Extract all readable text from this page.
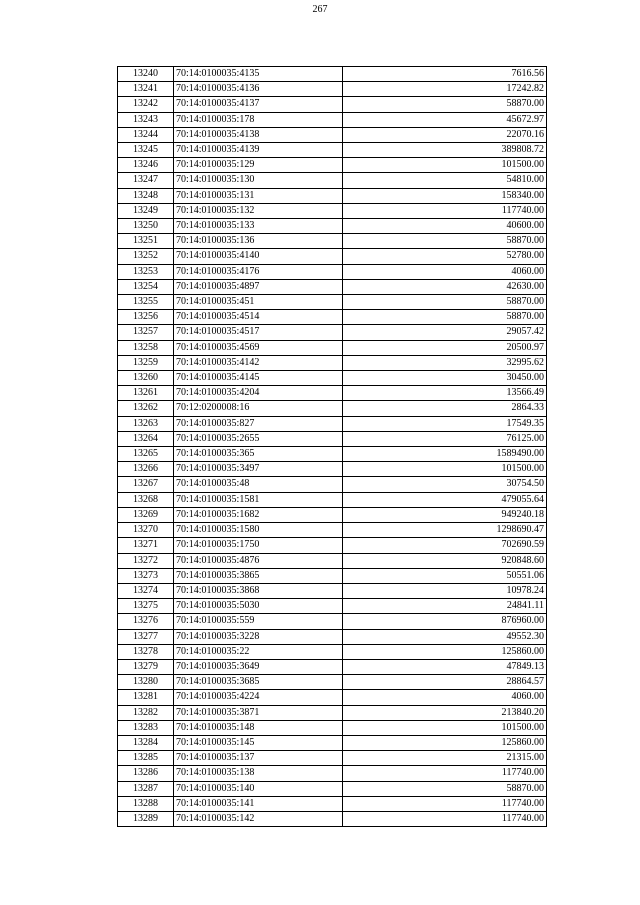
267
13240	70:14:0100035:4135	7616.56
13241	70:14:0100035:4136	17242.82
13242	70:14:0100035:4137	58870.00
13243	70:14:0100035:178	45672.97
13244	70:14:0100035:4138	22070.16
13245	70:14:0100035:4139	389808.72
13246	70:14:0100035:129	101500.00
13247	70:14:0100035:130	54810.00
13248	70:14:0100035:131	158340.00
13249	70:14:0100035:132	117740.00
13250	70:14:0100035:133	40600.00
13251	70:14:0100035:136	58870.00
13252	70:14:0100035:4140	52780.00
13253	70:14:0100035:4176	4060.00
13254	70:14:0100035:4897	42630.00
13255	70:14:0100035:451	58870.00
13256	70:14:0100035:4514	58870.00
13257	70:14:0100035:4517	29057.42
13258	70:14:0100035:4569	20500.97
13259	70:14:0100035:4142	32995.62
13260	70:14:0100035:4145	30450.00
13261	70:14:0100035:4204	13566.49
13262	70:12:0200008:16	2864.33
13263	70:14:0100035:827	17549.35
13264	70:14:0100035:2655	76125.00
13265	70:14:0100035:365	1589490.00
13266	70:14:0100035:3497	101500.00
13267	70:14:0100035:48	30754.50
13268	70:14:0100035:1581	479055.64
13269	70:14:0100035:1682	949240.18
13270	70:14:0100035:1580	1298690.47
13271	70:14:0100035:1750	702690.59
13272	70:14:0100035:4876	920848.60
13273	70:14:0100035:3865	50551.06
13274	70:14:0100035:3868	10978.24
13275	70:14:0100035:5030	24841.11
13276	70:14:0100035:559	876960.00
13277	70:14:0100035:3228	49552.30
13278	70:14:0100035:22	125860.00
13279	70:14:0100035:3649	47849.13
13280	70:14:0100035:3685	28864.57
13281	70:14:0100035:4224	4060.00
13282	70:14:0100035:3871	213840.20
13283	70:14:0100035:148	101500.00
13284	70:14:0100035:145	125860.00
13285	70:14:0100035:137	21315.00
13286	70:14:0100035:138	117740.00
13287	70:14:0100035:140	58870.00
13288	70:14:0100035:141	117740.00
13289	70:14:0100035:142	117740.00
